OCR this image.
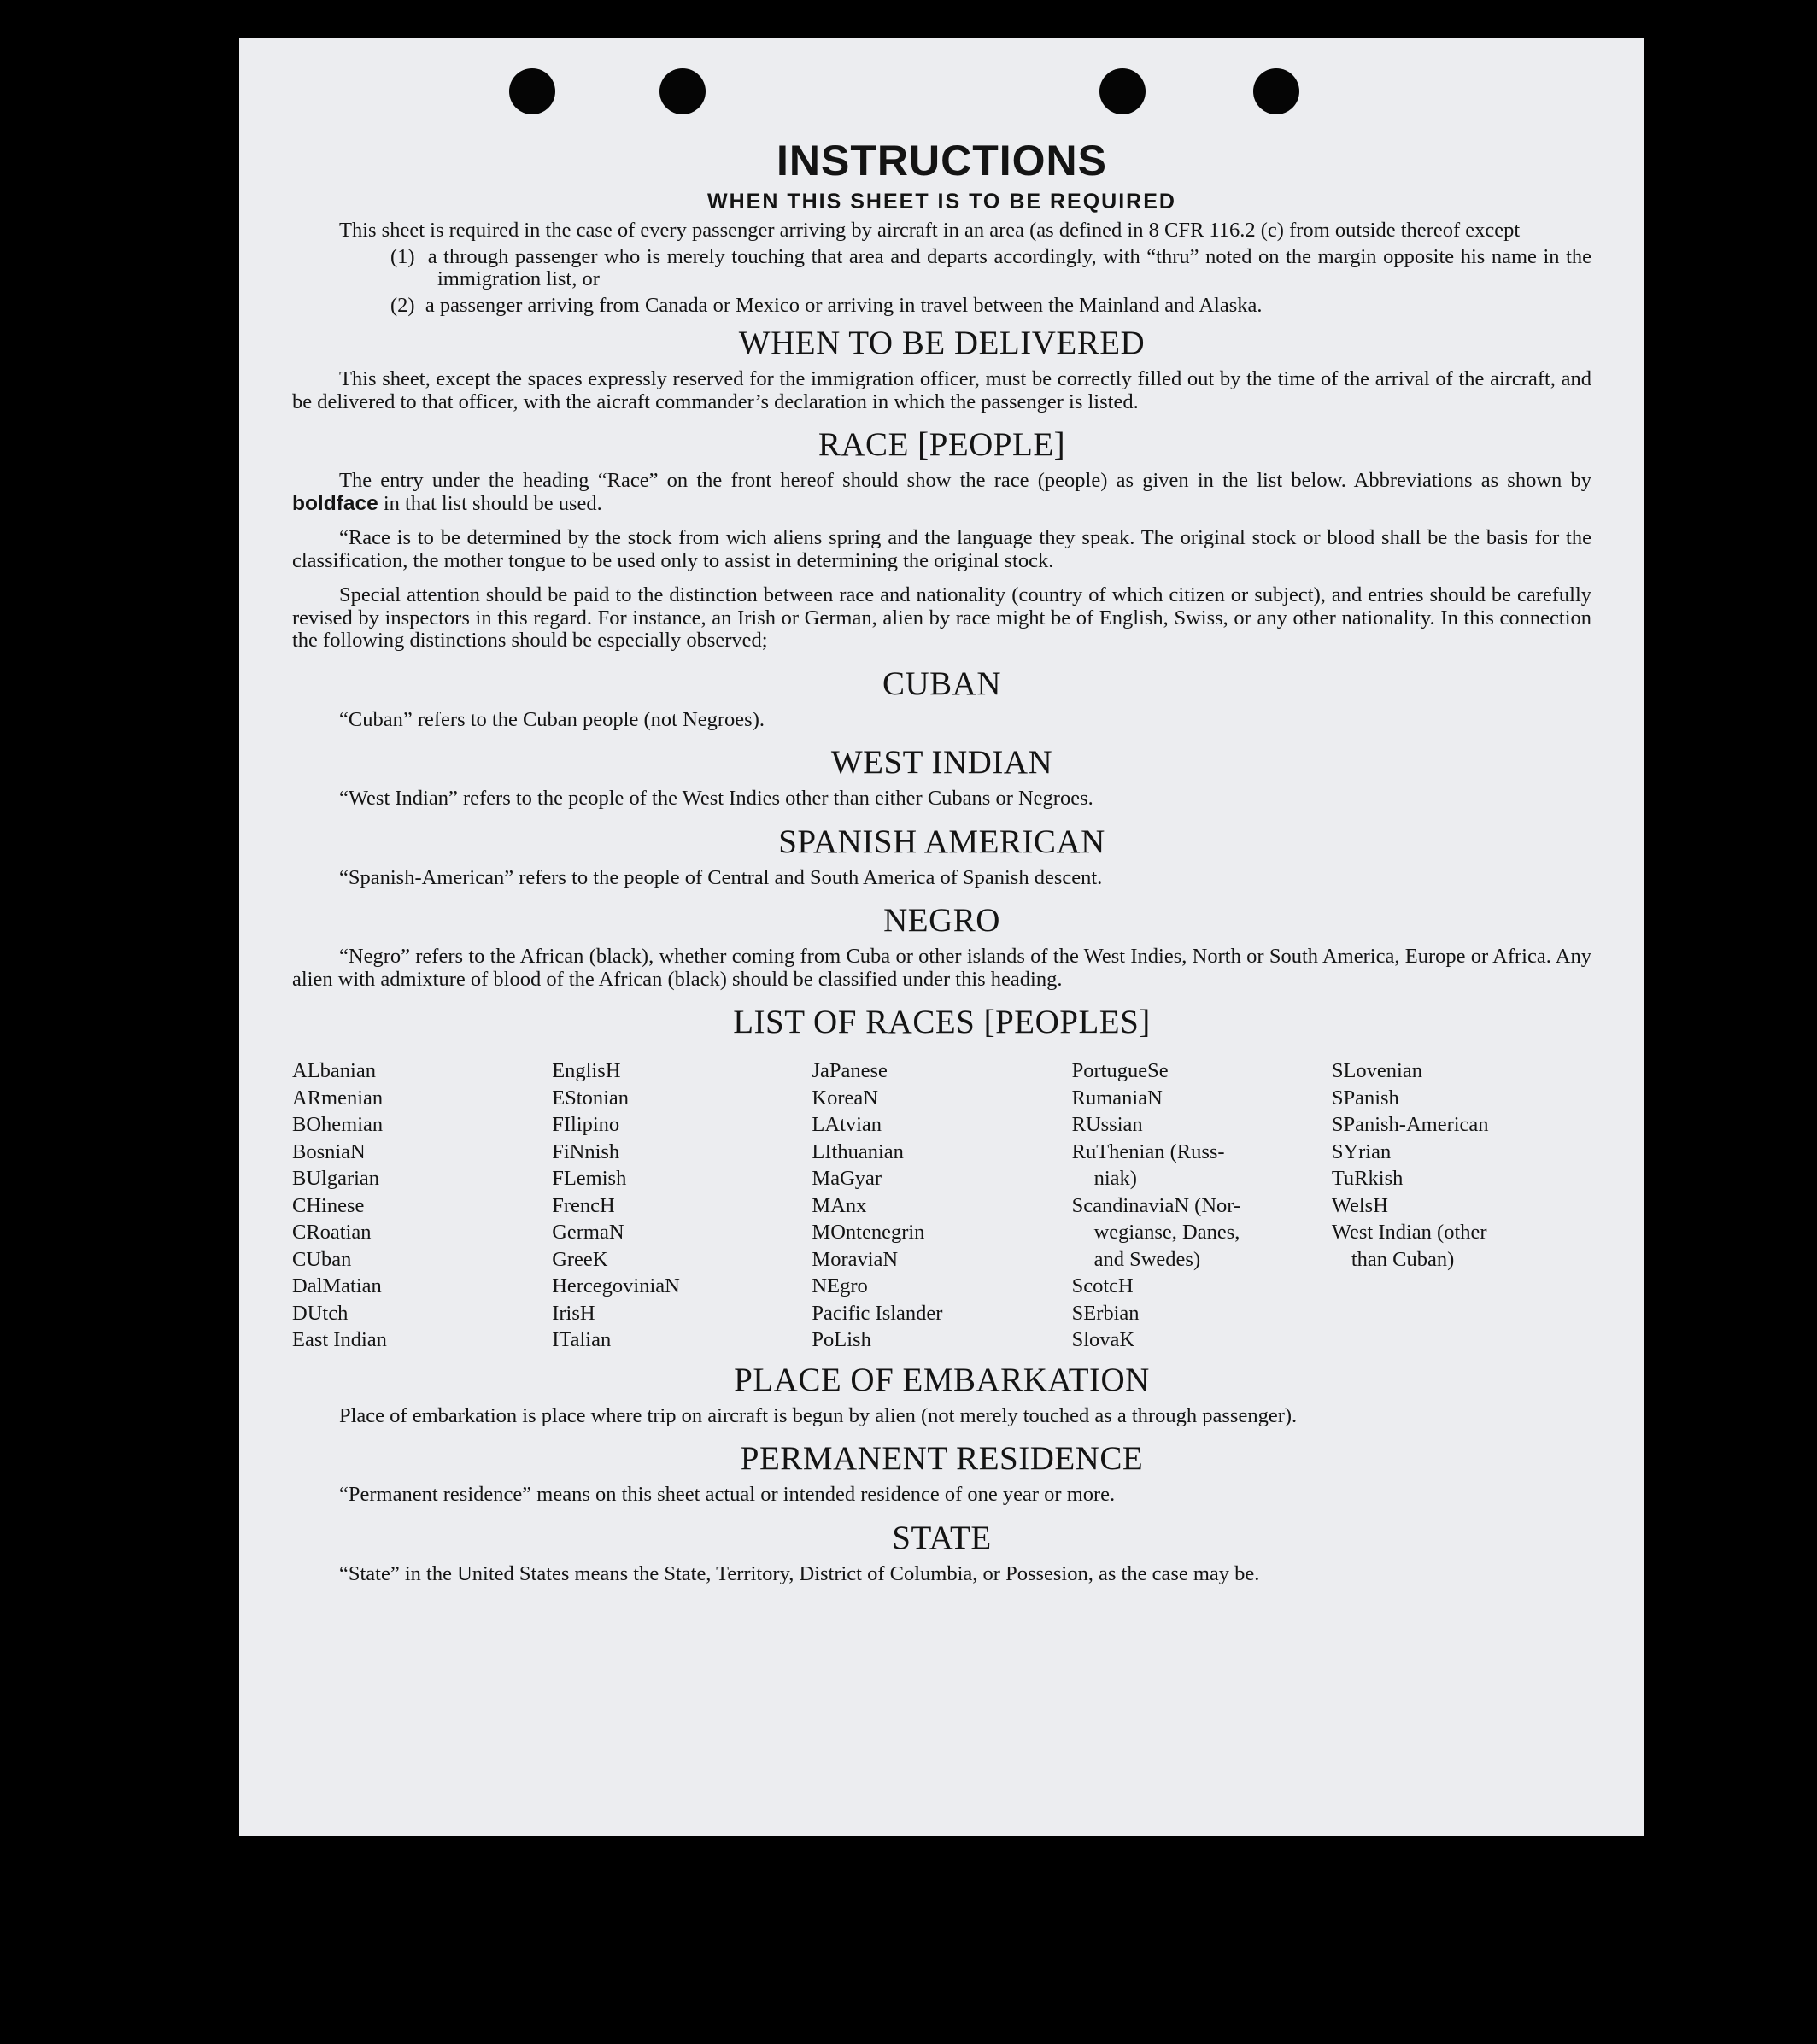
INSTRUCTIONS
WHEN THIS SHEET IS TO BE REQUIRED

This sheet is required in the case of every passenger arriving by aircraft in an area (as defined in 8 CFR 116.2 (c) from outside thereof except

(1) a through passenger who is merely touching that area and departs accordingly, with “thru” noted on the margin opposite his name in the immigration list, or
(2) a passenger arriving from Canada or Mexico or arriving in travel between the Mainland and Alaska.
WHEN TO BE DELIVERED

This sheet, except the spaces expressly reserved for the immigration officer, must be correctly filled out by the time of the arrival of the aircraft, and be delivered to that officer, with the aicraft commander’s declaration in which the passenger is listed.

RACE [PEOPLE]

The entry under the heading “Race” on the front hereof should show the race (people) as given in the list below. Abbreviations as shown by boldface in that list should be used.

“Race is to be determined by the stock from wich aliens spring and the language they speak. The original stock or blood shall be the basis for the classification, the mother tongue to be used only to assist in determining the original stock.

Special attention should be paid to the distinction between race and nationality (country of which citizen or subject), and entries should be carefully revised by inspectors in this regard. For instance, an Irish or German, alien by race might be of English, Swiss, or any other nationality. In this connection the following distinctions should be especially observed;

CUBAN

“Cuban” refers to the Cuban people (not Negroes).

WEST INDIAN

“West Indian” refers to the people of the West Indies other than either Cubans or Negroes.

SPANISH AMERICAN

“Spanish-American” refers to the people of Central and South America of Spanish descent.

NEGRO

“Negro” refers to the African (black), whether coming from Cuba or other islands of the West Indies, North or South America, Europe or Africa. Any alien with admixture of blood of the African (black) should be classified under this heading.

LIST OF RACES [PEOPLES]
ALbanian
ARmenian
BOhemian
BosniaN
BUlgarian
CHinese
CRoatian
CUban
DalMatian
DUtch
East Indian
EnglisH
EStonian
FIlipino
FiNnish
FLemish
FrencH
GermaN
GreeK
HercegoviniaN
IrisH
ITalian
JaPanese
KoreaN
LAtvian
LIthuanian
MaGyar
MAnx
MOntenegrin
MoraviaN
NEgro
Pacific Islander
PoLish
PortugueSe
RumaniaN
RUssian
RuThenian (Russ-
niak)
ScandinaviaN (Nor-
wegianse, Danes,
and Swedes)
ScotcH
SErbian
SlovaK
SLovenian
SPanish
SPanish-American
SYrian
TuRkish
WelsH
West Indian (other
than Cuban)
PLACE OF EMBARKATION

Place of embarkation is place where trip on aircraft is begun by alien (not merely touched as a through passenger).

PERMANENT RESIDENCE

“Permanent residence” means on this sheet actual or intended residence of one year or more.

STATE

“State” in the United States means the State, Territory, District of Columbia, or Possesion, as the case may be.
